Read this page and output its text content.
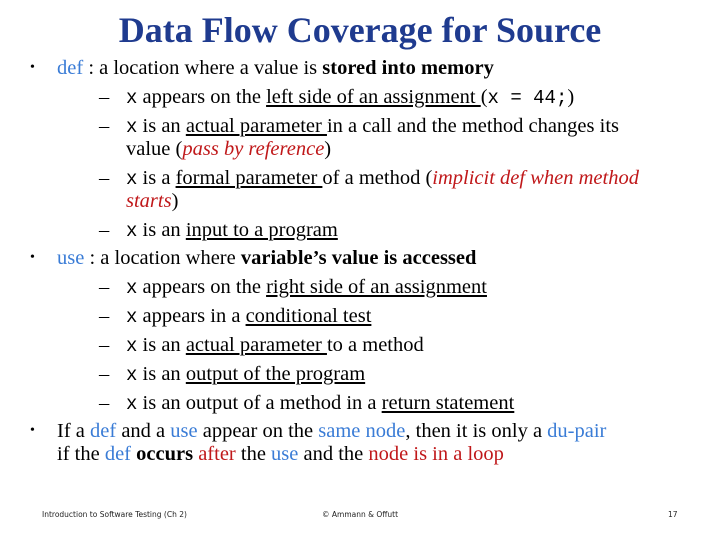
Data Flow Coverage for Source
• def : a location where a value is stored into memory
– x appears on the left side of an assignment (x = 44;)
– x is an actual parameter in a call and the method changes its
value (pass by reference)
– x is a formal parameter of a method (implicit def when method
starts)
– x is an input to a program
• use : a location where variable’s value is accessed
– x appears on the right side of an assignment
– x appears in a conditional test
– x is an actual parameter to a method
– x is an output of the program
– x is an output of a method in a return statement
• If a def and a use appear on the same node, then it is only a du-pair
if the def occurs after the use and the node is in a loop
Introduction to Software Testing (Ch 2)	© Ammann & Offutt	17
